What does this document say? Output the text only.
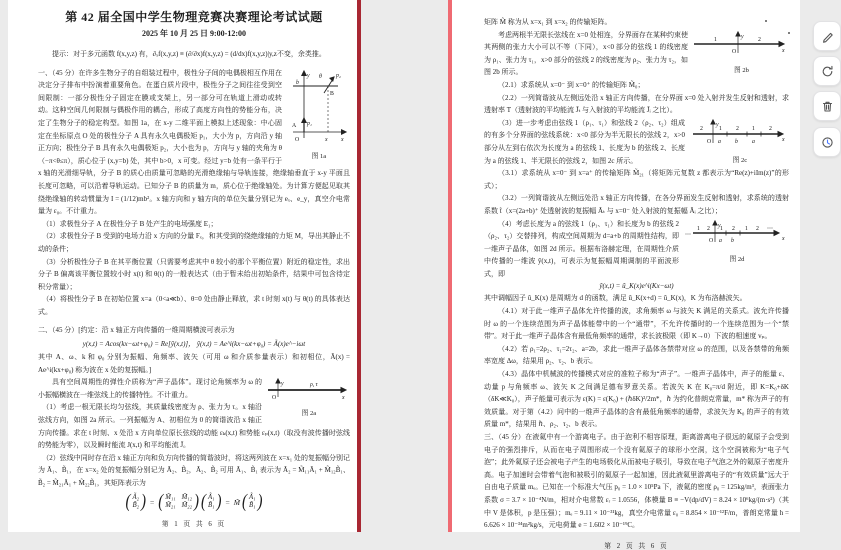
第 42 届全国中学生物理竞赛决赛理论考试试题
2025 年 10 月 25 日 9:00-12:00
提示：对于多元函数 f(x,y,z) 有，∂ₓf(x,y,z) ≡ (∂/∂x)f(x,y,z) = (d/dx)f(x,y,z)|y,z不变，余类推。
y
b
θ p₂
B
x
x
A p₁
O
图 1a
一、（45 分）在许多生物分子的自组装过程中，极性分子间的电偶极相互作用在决定分子排布中扮演着重要角色。在蛋白质片段中，极性分子之间往往受到空间限制：一部分极性分子固定在膜或支架上，另一部分可在轨道上滑动或转动。这种空间几何限制与偶极作用的耦合，形成了高度方向性的势能分布，决定了生物分子的稳定构型。如图 1a，在 x-y 二维平面上模拟上述现象：中心固定在坐标原点 O 处的极性分子 A 具有永久电偶极矩 p₁，大小为 p，方向沿 y 轴正方向；极性分子 B 具有永久电偶极矩 p₂，大小也为 p，方向与 y 轴的夹角为 θ（−π<θ≤π），质心位于 (x,y=b) 处，其中 b>0，x 可变。经过 y=b 处有一条平行于 x 轴的光滑细导轨，分子 B 的质心由质量可忽略的光滑绝缘轴与导轨连接，绝缘轴垂直于 x-y 平面且长度可忽略，可以沿着导轨运动。已知分子 B 的质量为 m，质心位于绝缘轴处。为计算方便起见取其绕绝缘轴的转动惯量为 I = (1/12)mb²。x 轴方向和 y 轴方向的单位矢量分别记为 eₓ、e_y，真空介电常量为 ε₀。不计重力。
（1）求极性分子 A 在极性分子 B 处产生的电场强度 E₁；
（2）求极性分子 B 受到的电场力沿 x 方向的分量 Fₓ，和其受到的绕绝缘轴的力矩 M，导出其静止不动的条件；
（3）分析极性分子 B 在其平衡位置（只需要考虑其中 θ 较小的那个平衡位置）附近的稳定性，求出分子 B 偏离该平衡位置较小时 x(t) 和 θ(t) 的一般表达式（由于暂未给出初始条件，结果中可包含待定积分常量）；
（4）将极性分子 B 在初始位置 x=a（0<a≪b）、θ=0 处由静止释放，求 t 时刻 x(t) 与 θ(t) 的具体表达式。
二、（45 分）[约定：沿 x 轴正方向传播的一维周期横波可表示为
y(x,t) = Acos(kx−ωt+φ₀) = Re[ỹ(x,t)]， ỹ(x,t) = Ae^i(kx−ωt+φ₀) = Ã(x)e^−iωt
其中 A、ω、k 和 φ₀ 分别为振幅、角频率、波矢（可用 ω 和介质参量表示）和初相位，Ã(x) = Ae^i(kx+φ₀) 称为波在 x 处的复振幅。]
y	ρ, τ
x
O
图 2a
具有空间周期性的弹性介质称为“声子晶体”。现讨论角频率为 ω 的小振幅横波在一维弦线上的传播特性。不计重力。
（1）考虑一根无限长均匀弦线，其质量线密度为 ρ、张力为 τ。x 轴沿弦线方向，如图 2a 所示。一列振幅为 A、初相位为 0 的简谐波沿 x 轴正方向传播。求在 t 时刻、x 处沿 x 方向单位原长弦线的动能 εₖ(x,t) 和势能 εₚ(x,t)（取没有波传播时弦线的势能为零），以及瞬时能流 J(x,t) 和平均能流 J̄。
（2）弦线中同时存在沿 x 轴正方向和负方向传播的简谐波时，将这两列波在 x=x₁ 处的复振幅分别记为 Ã₁、B̃₁，在 x=x₂ 处的复振幅分别记为 Ã₂、B̃₂，Ã₂、B̃₂ 可用 Ã₁、B̃₁ 表示为 Ã₂ = M̃₁₁Ã₁ + M̃₁₂B̃₁、B̃₂ = M̃₂₁Ã₁ + M̃₂₂B̃₁，其矩阵表示为
( Ã₂
B̃₂ ) = ( M̃₁₁ M̃₁₂
M̃₂₁ M̃₂₂ ) ( Ã₁
B̃₁ ) = M̃ ( Ã₁
B̃₁ )
第 1 页 共 6 页
矩阵 M̃ 称为从 x=x₁ 到 x=x₂ 的传输矩阵。
y
1	2
O	x
图 2b
考虑两根半无限长弦线在 x=0 处相连，分界面存在某种约束使其两侧的张力大小可以不等（下同），x<0 部分的弦线 1 的线密度为 ρ₁、张力为 τ₁，x>0 部分的弦线 2 的线密度为 ρ₂、张力为 τ₂，如图 2b 所示。
（2.1）求系统从 x=0⁻ 到 x=0⁺ 的传输矩阵 M̃₀；
（2.2）一列简谐波从左侧远处沿 x 轴正方向传播，在分界面 x=0 处入射并发生反射和透射，求透射率 T（透射波的平均能流 J̄ₜ 与入射波的平均能流 J̄ᵢ 之比）。
y
2	1 2 1 2
O a b a	x
图 2c
（3）进一步考虑由弦线 1（ρ₁、τ₁）和弦线 2（ρ₂、τ₂）组成的有多个分界面的弦线系统：x<0 部分为半无限长的弦线 2，x>0 部分从左到右依次为长度为 a 的弦线 1、长度为 b 的弦线 2、长度为 a 的弦线 1、半无限长的弦线 2，如图 2c 所示。
（3.1）求系统从 x=0⁻ 到 x=a⁺ 的传输矩阵 M̃₂₁（将矩阵元复数 z 都表示为“Re(z)+iIm(z)”的形式）；
（3.2）一列简谐波从左侧远处沿 x 轴正方向传播，在各分界面发生反射和透射，求系统的透射系数 t̃（x=(2a+b)⁺ 处透射波的复振幅 Ãₜ 与 x=0⁻ 处入射波的复振幅 Ãᵢ 之比）；
⋯
⋯
y
1 2 1 2 1 2
O a b	x
图 2d
（4）考虑长度为 a 的弦线 1（ρ₁、τ₁）和长度为 b 的弦线 2（ρ₂、τ₂）交替排列，构成空间周期为 d=a+b 的周期性结构，即一维声子晶体，如图 2d 所示。根据布洛赫定理，在周期性介质中传播的一维波 ỹ(x,t)，可表示为复振幅周期调制的平面波形式，即
ỹ(x,t) = ũ_K(x)e^i(Kx−ωt)
其中调幅因子 ũ_K(x) 是周期为 d 的函数，满足 ũ_K(x+d) = ũ_K(x)，K 为布洛赫波矢。
（4.1）对于此一维声子晶体允许传播的波，求角频率 ω 与波矢 K 满足的关系式。波允许传播时 ω 的一个连续范围为声子晶体能带中的一个“通带”，不允许传播时的一个连续范围为一个“禁带”。对于此一维声子晶体含有最低角频率的通带，求长波极限（即 K→0）下波的相速度 vₚ。
（4.2）若 ρ₁=2ρ₂、τ₁=2τ₂、a=2b，求此一维声子晶体各禁带对应 ω 的范围，以及各禁带的角频率宽度 Δω，结果用 ρ₂、τ₂、b 表示。
（4.3）晶体中机械波的传播模式对应的准粒子称为“声子”。一维声子晶体中，声子的能量 ε、动量 p 与角频率 ω、波矢 K 之间满足德布罗意关系。若波矢 K 在 K₀=π/d 附近，即 K=K₀+δK（δK≪K₀），声子能量可表示为 ε(K) = ε(K₀) + (ℏδK)²/2m*，ℏ 为约化普朗克常量，m* 称为声子的有效质量。对于第（4.2）问中的一维声子晶体的含有最低角频率的通带，求波矢为 K₀ 的声子的有效质量 m*，结果用 ℏ、ρ₂、τ₂、b 表示。
三、（45 分）在液氦中有一个游离电子。由于泡利不相容原理，距离游离电子很远的氦原子会受到电子的强烈排斥，从而在电子周围形成一个没有氦原子的球形小空洞，这个空洞被称为“电子气泡”；此外氦原子还会被电子产生的电场极化从而被电子吸引，导致在电子气泡之外的氦原子密度升高。电子加速时会带着气泡和被吸引的氦原子一起加速，因此液氦里游离电子的“有效质量”远大于自由电子质量 mₑ。已知在一个标准大气压 p₀ = 1.0 × 10⁵Pa 下，液氦的密度 ρ₀ = 125kg/m³，表面张力系数 σ = 3.7 × 10⁻⁴N/m，相对介电常数 εᵣ = 1.0556，体模量 B ≡ −V(dp/dV) = 8.24 × 10⁶kg/(m·s²)（其中 V 是体积，p 是压强）；mₑ = 9.11 × 10⁻³¹kg，真空介电常量 ε₀ = 8.854 × 10⁻¹²F/m，普朗克常量 h = 6.626 × 10⁻³⁴m²kg/s，元电荷量 e = 1.602 × 10⁻¹⁹C。
第 2 页 共 6 页
